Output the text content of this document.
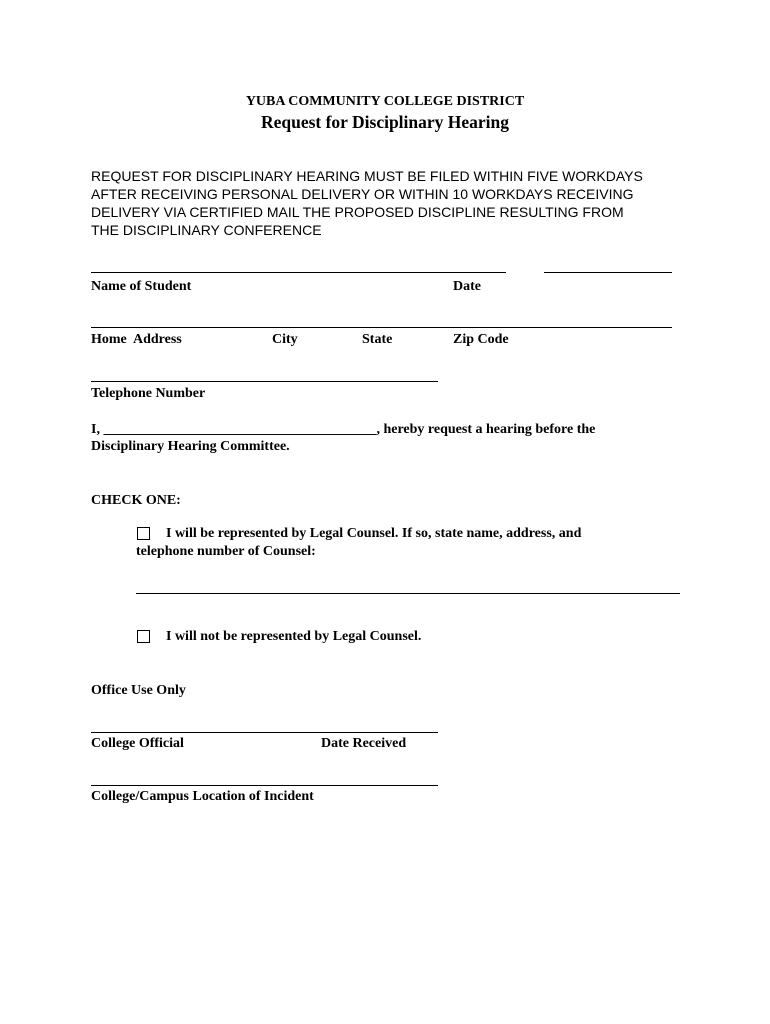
YUBA COMMUNITY COLLEGE DISTRICT
Request for Disciplinary Hearing
REQUEST FOR DISCIPLINARY HEARING MUST BE FILED WITHIN FIVE WORKDAYS
AFTER RECEIVING PERSONAL DELIVERY OR WITHIN 10 WORKDAYS RECEIVING
DELIVERY VIA CERTIFIED MAIL THE PROPOSED DISCIPLINE RESULTING FROM
THE DISCIPLINARY CONFERENCE
Name of Student	Date
Home  Address	City	State	Zip Code
Telephone Number
I, _______________________________________, hereby request a hearing before the
Disciplinary Hearing Committee.
CHECK ONE:
I will be represented by Legal Counsel. If so, state name, address, and
telephone number of Counsel:
I will not be represented by Legal Counsel.
Office Use Only
College Official	Date Received
College/Campus Location of Incident
